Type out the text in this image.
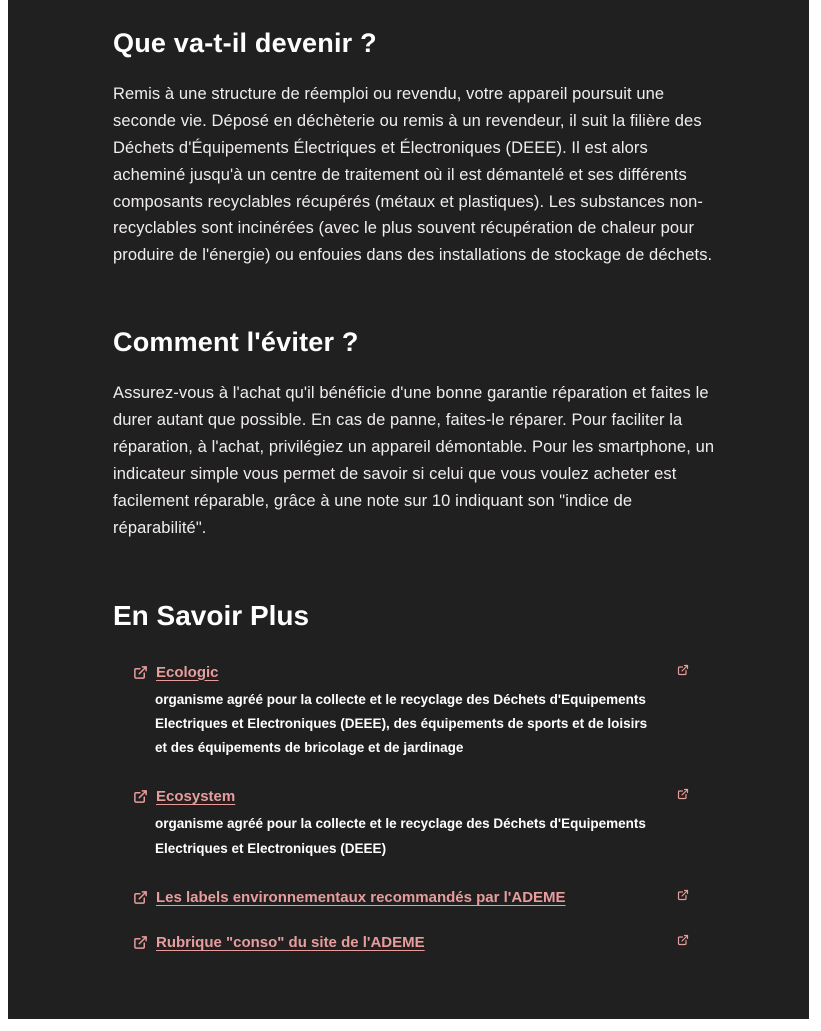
Que va-t-il devenir ?

Remis à une structure de réemploi ou revendu, votre appareil poursuit une seconde vie. Déposé en déchèterie ou remis à un revendeur, il suit la filière des Déchets d'Équipements Électriques et Électroniques (DEEE). Il est alors acheminé jusqu'à un centre de traitement où il est démantelé et ses différents composants recyclables récupérés (métaux et plastiques). Les substances non-recyclables sont incinérées (avec le plus souvent récupération de chaleur pour produire de l'énergie) ou enfouies dans des installations de stockage de déchets.

Comment l'éviter ?

Assurez-vous à l'achat qu'il bénéficie d'une bonne garantie réparation et faites le durer autant que possible. En cas de panne, faites-le réparer. Pour faciliter la réparation, à l'achat, privilégiez un appareil démontable. Pour les smartphone, un indicateur simple vous permet de savoir si celui que vous voulez acheter est facilement réparable, grâce à une note sur 10 indiquant son "indice de réparabilité".

En Savoir Plus
Ecologic
organisme agréé pour la collecte et le recyclage des Déchets d'Equipements Electriques et Electroniques (DEEE), des équipements de sports et de loisirs et des équipements de bricolage et de jardinage
Ecosystem
organisme agréé pour la collecte et le recyclage des Déchets d'Equipements Electriques et Electroniques (DEEE)
Les labels environnementaux recommandés par l'ADEME
Rubrique "conso" du site de l'ADEME
